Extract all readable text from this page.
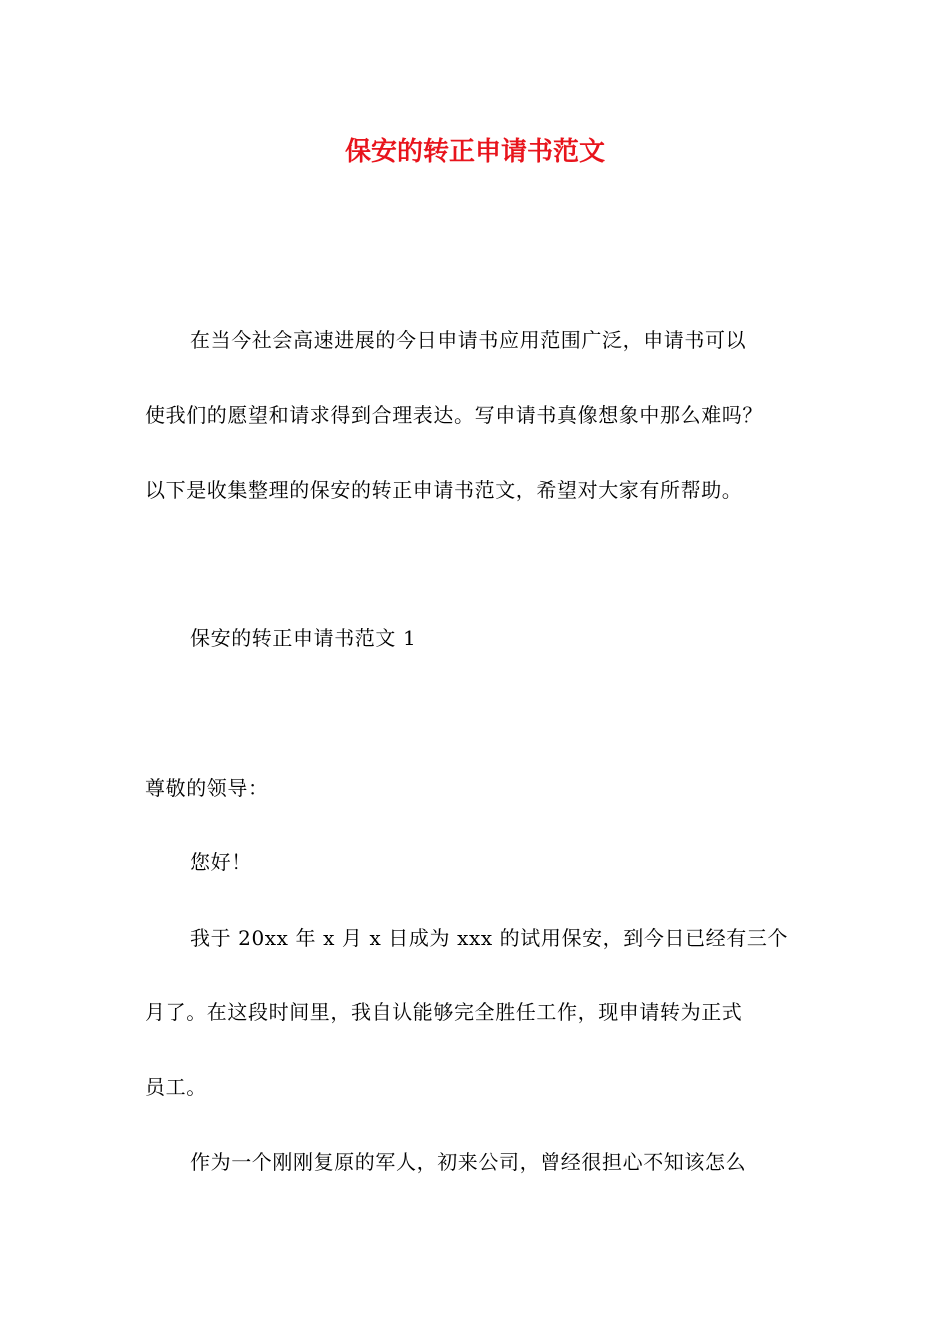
保安的转正申请书范文
在当今社会高速进展的今日申请书应用范围广泛，申请书可以
使我们的愿望和请求得到合理表达。写申请书真像想象中那么难吗？
以下是收集整理的保安的转正申请书范文，希望对大家有所帮助。
保安的转正申请书范文 1
尊敬的领导：
您好！
我于 20xx 年 x 月 x 日成为 xxx 的试用保安，到今日已经有三个
月了。在这段时间里，我自认能够完全胜任工作，现申请转为正式
员工。
作为一个刚刚复原的军人，初来公司，曾经很担心不知该怎么
